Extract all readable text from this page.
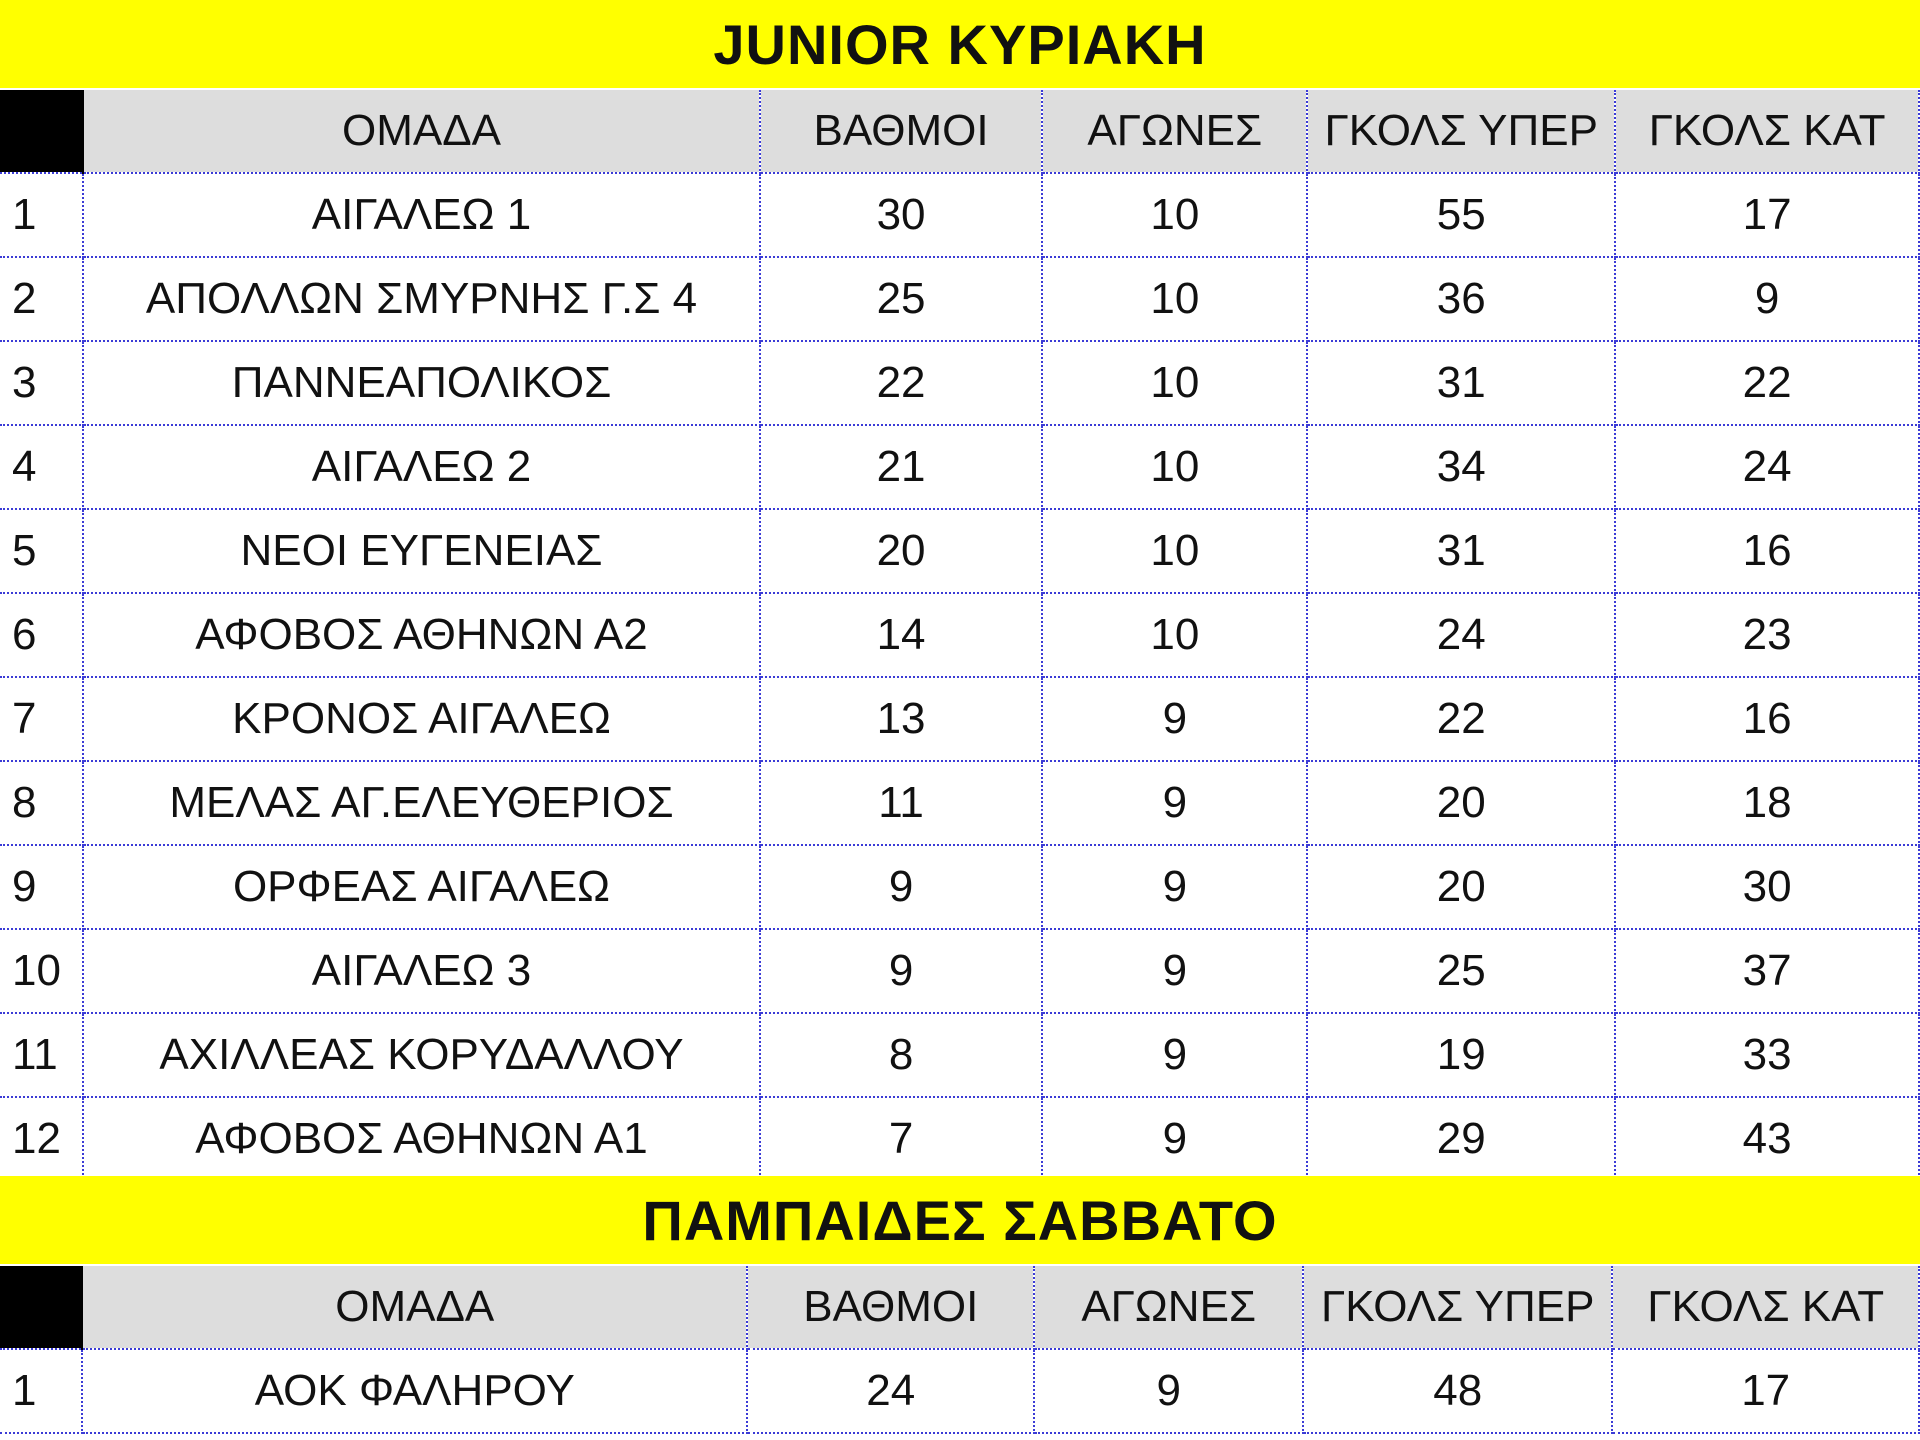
JUNIOR ΚΥΡΙΑΚΗ
	ΟΜΑΔΑ	ΒΑΘΜΟΙ	ΑΓΩΝΕΣ	ΓΚΟΛΣ ΥΠΕΡ	ΓΚΟΛΣ ΚΑΤ
1	ΑΙΓΑΛΕΩ 1	30	10	55	17
2	ΑΠΟΛΛΩΝ ΣΜΥΡΝΗΣ Γ.Σ 4	25	10	36	9
3	ΠΑΝΝΕΑΠΟΛΙΚΟΣ	22	10	31	22
4	ΑΙΓΑΛΕΩ 2	21	10	34	24
5	ΝΕΟΙ ΕΥΓΕΝΕΙΑΣ	20	10	31	16
6	ΑΦΟΒΟΣ ΑΘΗΝΩΝ Α2	14	10	24	23
7	ΚΡΟΝΟΣ ΑΙΓΑΛΕΩ	13	9	22	16
8	ΜΕΛΑΣ ΑΓ.ΕΛΕΥΘΕΡΙΟΣ	11	9	20	18
9	ΟΡΦΕΑΣ ΑΙΓΑΛΕΩ	9	9	20	30
10	ΑΙΓΑΛΕΩ 3	9	9	25	37
11	ΑΧΙΛΛΕΑΣ ΚΟΡΥΔΑΛΛΟΥ	8	9	19	33
12	ΑΦΟΒΟΣ ΑΘΗΝΩΝ Α1	7	9	29	43
ΠΑΜΠΑΙΔΕΣ ΣΑΒΒΑΤΟ
	ΟΜΑΔΑ	ΒΑΘΜΟΙ	ΑΓΩΝΕΣ	ΓΚΟΛΣ ΥΠΕΡ	ΓΚΟΛΣ ΚΑΤ
1	ΑΟΚ ΦΑΛΗΡΟΥ	24	9	48	17
